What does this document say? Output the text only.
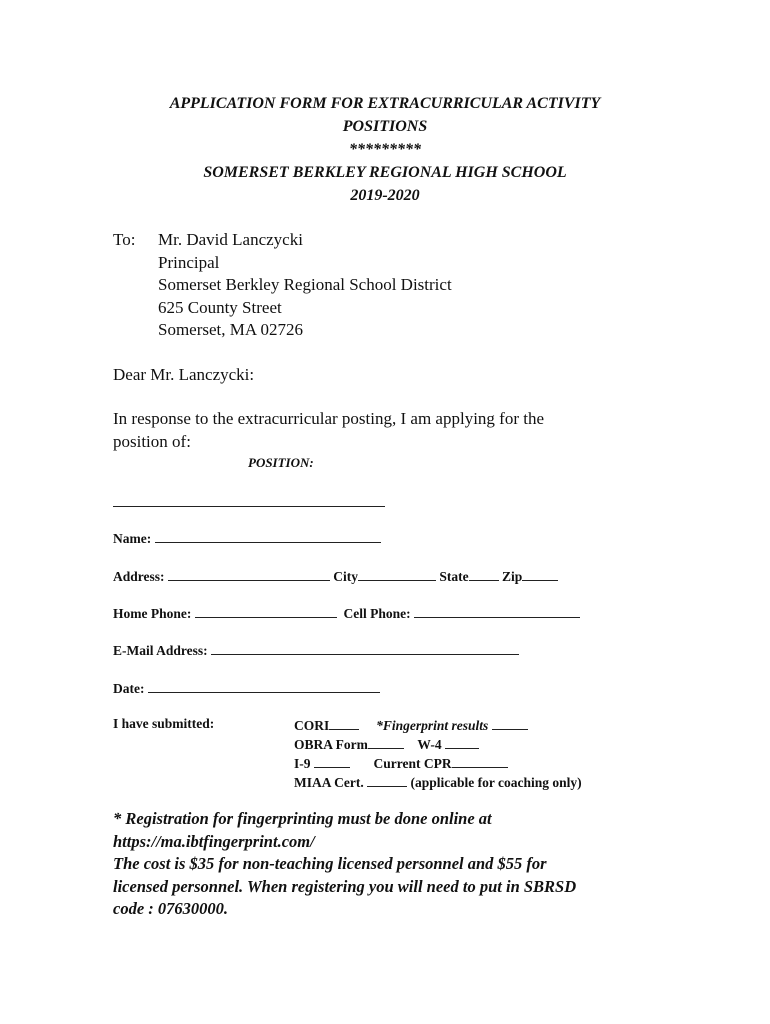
APPLICATION FORM FOR EXTRACURRICULAR ACTIVITY
POSITIONS
*********
SOMERSET BERKLEY REGIONAL HIGH SCHOOL
2019-2020
To: Mr. David Lanczycki
Principal
Somerset Berkley Regional School District
625 County Street
Somerset, MA 02726
Dear Mr. Lanczycki:
In response to the extracurricular posting, I am applying for the
position of:
POSITION:
Name:
Address:	City	State Zip
Home Phone:	Cell Phone:
E-Mail Address:
Date:
I have submitted:	CORI	*Fingerprint results
OBRA Form	W-4
I-9	Current CPR
MIAA Cert.	(applicable for coaching only)
* Registration for fingerprinting must be done online at
https://ma.ibtfingerprint.com/
The cost is $35 for non-teaching licensed personnel and $55 for
licensed personnel. When registering you will need to put in SBRSD
code : 07630000.
